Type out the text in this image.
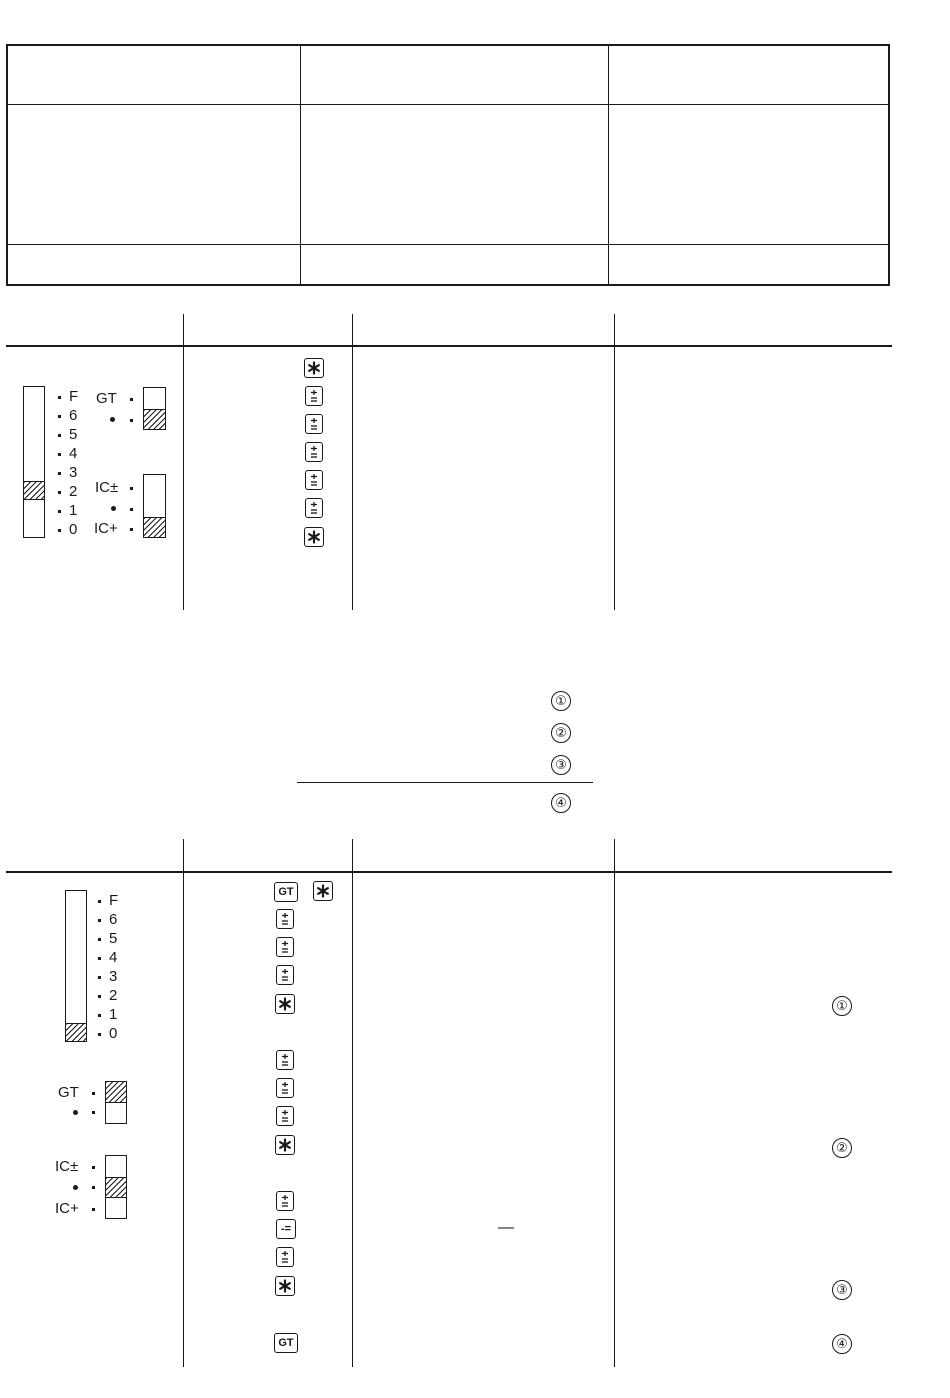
F
6
5
4
3
2
1
0
GT
IC±
IC+
①
②
③
④
F
6
5
4
3
2
1
0
GT
IC±
IC+
GT
-=
GT
—
①
②
③
④
